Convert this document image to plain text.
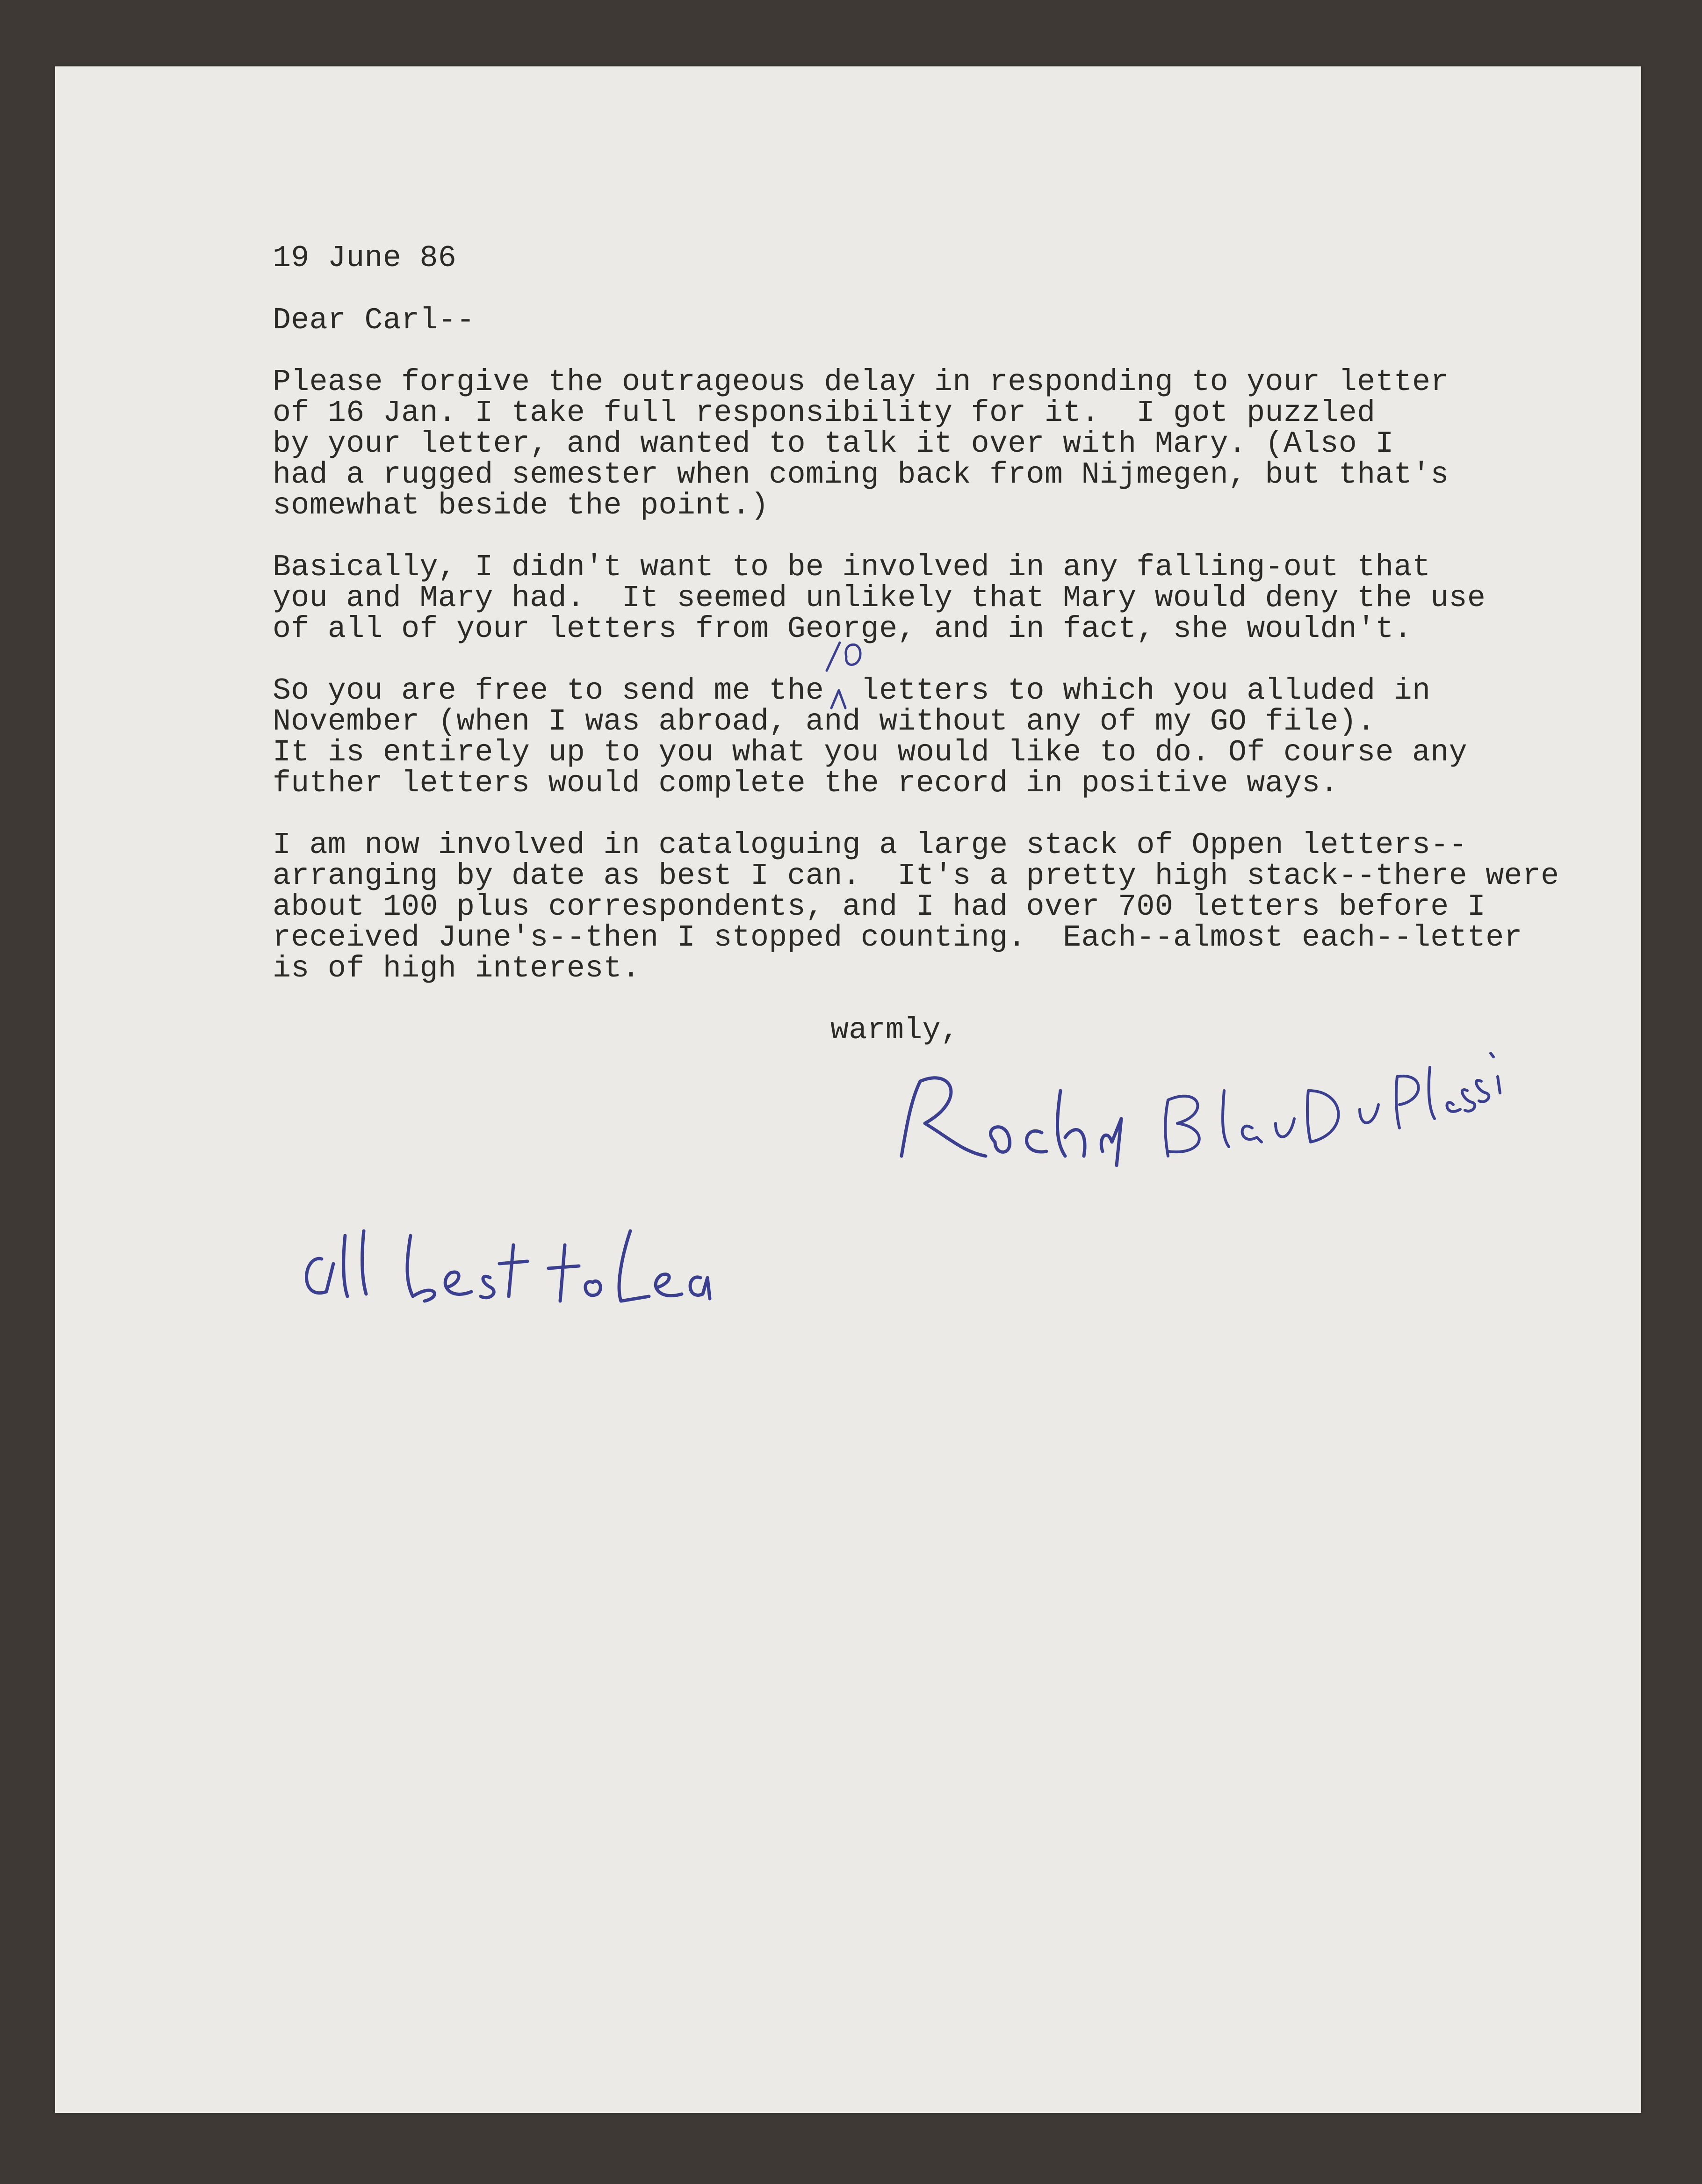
19 June 86
Dear Carl--
Please forgive the outrageous delay in responding to your letter
of 16 Jan. I take full responsibility for it.  I got puzzled
by your letter, and wanted to talk it over with Mary. (Also I
had a rugged semester when coming back from Nijmegen, but that's
somewhat beside the point.)
Basically, I didn't want to be involved in any falling-out that
you and Mary had.  It seemed unlikely that Mary would deny the use
of all of your letters from George, and in fact, she wouldn't.
So you are free to send me the  letters to which you alluded in
November (when I was abroad, and without any of my GO file).
It is entirely up to you what you would like to do. Of course any
futher letters would complete the record in positive ways.
I am now involved in cataloguing a large stack of Oppen letters--
arranging by date as best I can.  It's a pretty high stack--there were
about 100 plus correspondents, and I had over 700 letters before I
received June's--then I stopped counting.  Each--almost each--letter
is of high interest.
warmly,
